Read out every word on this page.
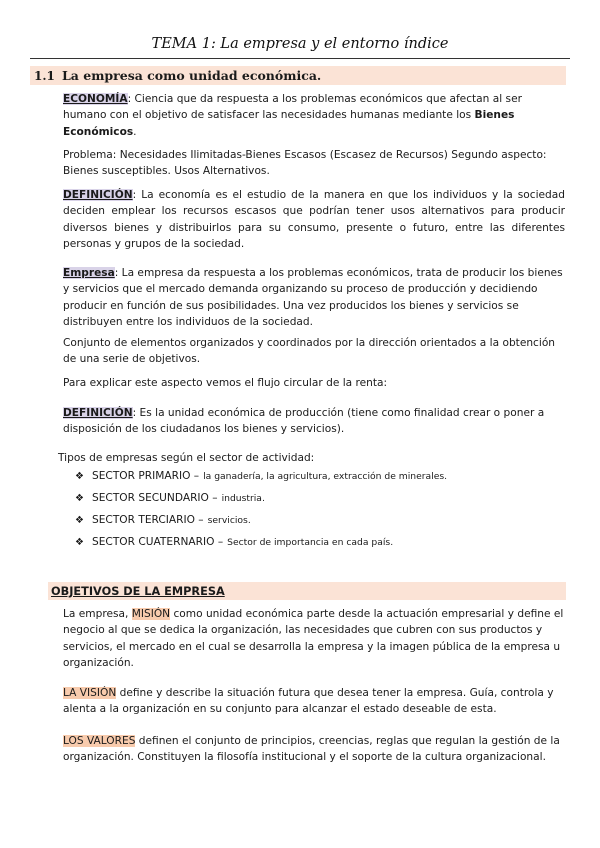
TEMA 1: La empresa y el entorno índice
1.1 La empresa como unidad económica.

ECONOMÍA: Ciencia que da respuesta a los problemas económicos que afectan al ser humano con el objetivo de satisfacer las necesidades humanas mediante los Bienes Económicos.

Problema: Necesidades Ilimitadas-Bienes Escasos (Escasez de Recursos) Segundo aspecto: Bienes susceptibles. Usos Alternativos.

DEFINICIÓN: La economía es el estudio de la manera en que los individuos y la sociedad deciden emplear los recursos escasos que podrían tener usos alternativos para producir diversos bienes y distribuirlos para su consumo, presente o futuro, entre las diferentes personas y grupos de la sociedad.

Empresa: La empresa da respuesta a los problemas económicos, trata de producir los bienes y servicios que el mercado demanda organizando su proceso de producción y decidiendo producir en función de sus posibilidades. Una vez producidos los bienes y servicios se distribuyen entre los individuos de la sociedad.

Conjunto de elementos organizados y coordinados por la dirección orientados a la obtención de una serie de objetivos.

Para explicar este aspecto vemos el flujo circular de la renta:

DEFINICIÓN: Es la unidad económica de producción (tiene como finalidad crear o poner a disposición de los ciudadanos los bienes y servicios).

Tipos de empresas según el sector de actividad:
❖ SECTOR PRIMARIO – la ganadería, la agricultura, extracción de minerales.
❖ SECTOR SECUNDARIO – industria.
❖ SECTOR TERCIARIO – servicios.
❖ SECTOR CUATERNARIO – Sector de importancia en cada país.
OBJETIVOS DE LA EMPRESA

La empresa, MISIÓN como unidad económica parte desde la actuación empresarial y define el negocio al que se dedica la organización, las necesidades que cubren con sus productos y servicios, el mercado en el cual se desarrolla la empresa y la imagen pública de la empresa u organización.

LA VISIÓN define y describe la situación futura que desea tener la empresa. Guía, controla y alenta a la organización en su conjunto para alcanzar el estado deseable de esta.

LOS VALORES definen el conjunto de principios, creencias, reglas que regulan la gestión de la organización. Constituyen la filosofía institucional y el soporte de la cultura organizacional.
